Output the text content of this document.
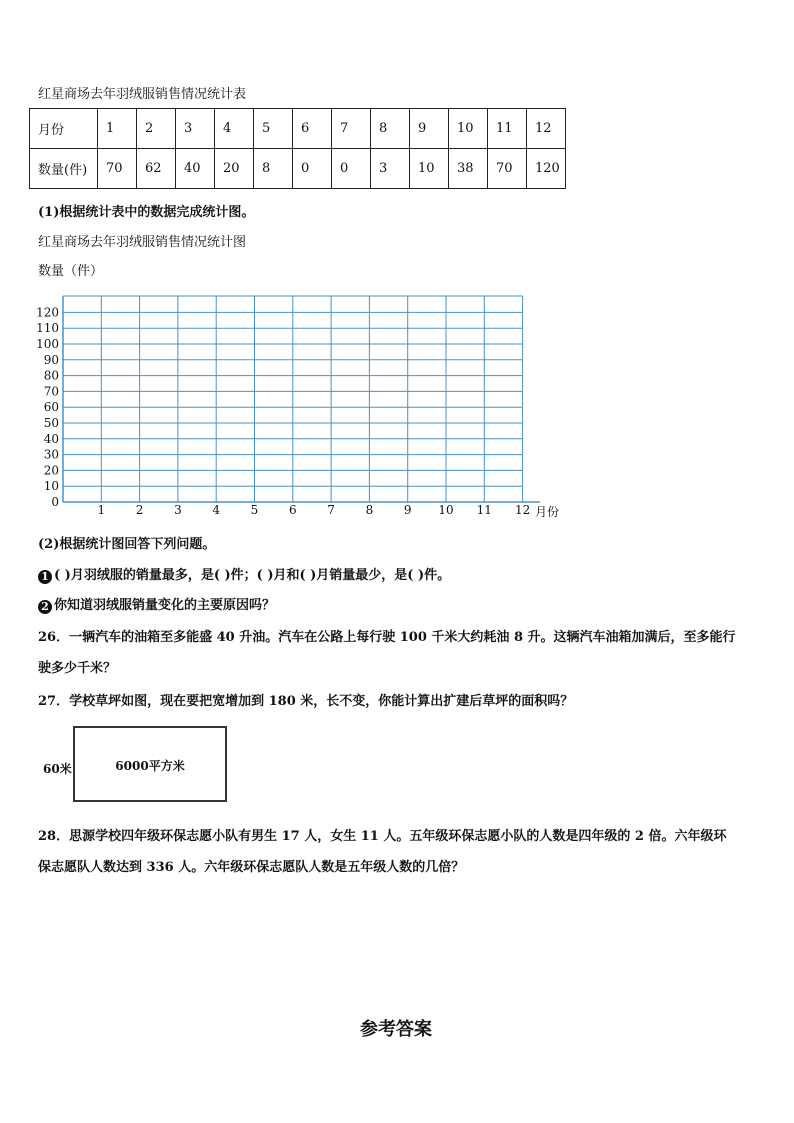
红星商场去年羽绒服销售情况统计表
月份	1	2	3	4	5	6	7	8	9	10	11	12
数量(件)	70	62	40	20	8	0	0	3	10	38	70	120
(1)根据统计表中的数据完成统计图。
红星商场去年羽绒服销售情况统计图
数量（件）
0
10
20
30
40
50
60
70
80
90
100
110
120
1	2	3	4	5	6	7	8	9 10 11 12 月份
(2)根据统计图回答下列问题。
1 ( )月羽绒服的销量最多，是( )件；( )月和( )月销量最少，是( )件。
2 你知道羽绒服销量变化的主要原因吗？
26．一辆汽车的油箱至多能盛 40 升油。汽车在公路上每行驶 100 千米大约耗油 8 升。这辆汽车油箱加满后，至多能行
驶多少千米？
27．学校草坪如图，现在要把宽增加到 180 米，长不变，你能计算出扩建后草坪的面积吗？
60米	6000平方米
28．思源学校四年级环保志愿小队有男生 17 人，女生 11 人。五年级环保志愿小队的人数是四年级的 2 倍。六年级环
保志愿队人数达到 336 人。六年级环保志愿队人数是五年级人数的几倍？
参考答案
